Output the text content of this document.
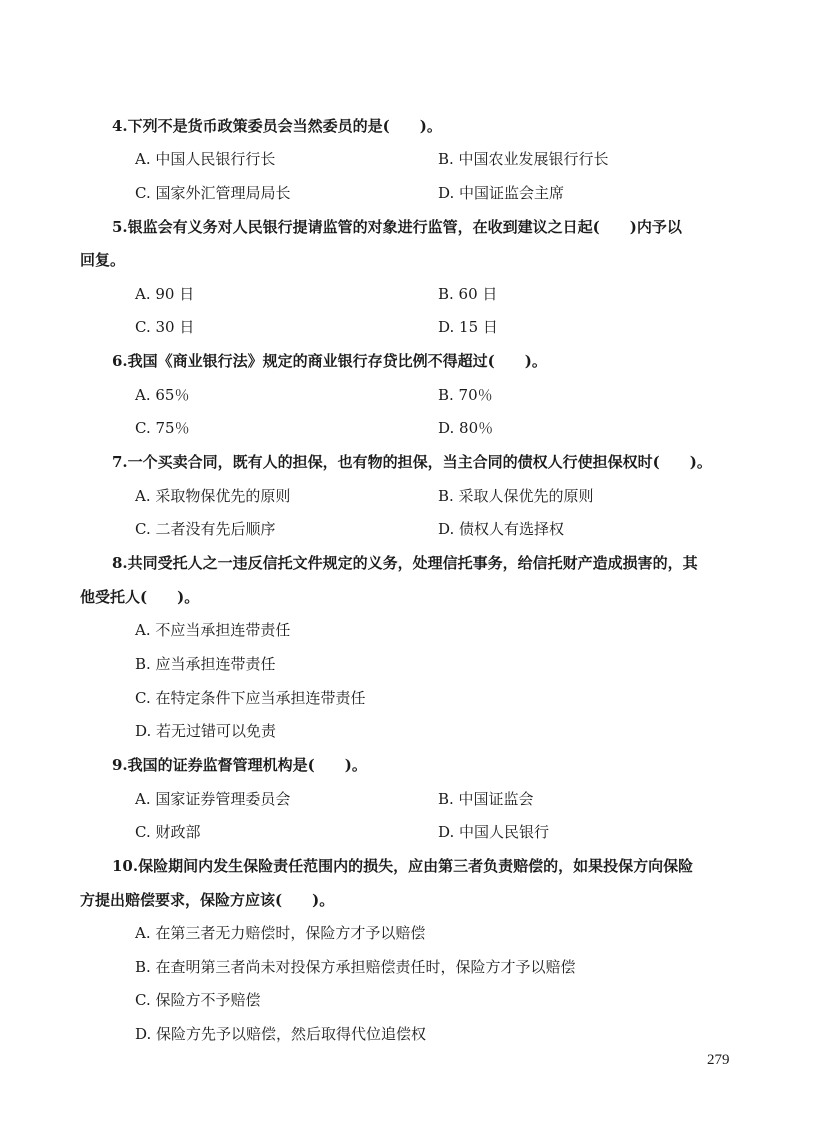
4.下列不是货币政策委员会当然委员的是(　　)。
A. 中国人民银行行长	B. 中国农业发展银行行长
C. 国家外汇管理局局长	D. 中国证监会主席
5.银监会有义务对人民银行提请监管的对象进行监管，在收到建议之日起(　　)内予以
回复。
A. 90 日	B. 60 日
C. 30 日	D. 15 日
6.我国《商业银行法》规定的商业银行存贷比例不得超过(　　)。
A. 65％	B. 70％
C. 75％	D. 80％
7.一个买卖合同，既有人的担保，也有物的担保，当主合同的债权人行使担保权时(　　)。
A. 采取物保优先的原则	B. 采取人保优先的原则
C. 二者没有先后顺序	D. 债权人有选择权
8.共同受托人之一违反信托文件规定的义务，处理信托事务，给信托财产造成损害的，其
他受托人(　　)。
A. 不应当承担连带责任
B. 应当承担连带责任
C. 在特定条件下应当承担连带责任
D. 若无过错可以免责
9.我国的证券监督管理机构是(　　)。
A. 国家证券管理委员会	B. 中国证监会
C. 财政部	D. 中国人民银行
10.保险期间内发生保险责任范围内的损失，应由第三者负责赔偿的，如果投保方向保险
方提出赔偿要求，保险方应该(　　)。
A. 在第三者无力赔偿时，保险方才予以赔偿
B. 在查明第三者尚未对投保方承担赔偿责任时，保险方才予以赔偿
C. 保险方不予赔偿
D. 保险方先予以赔偿，然后取得代位追偿权
279
